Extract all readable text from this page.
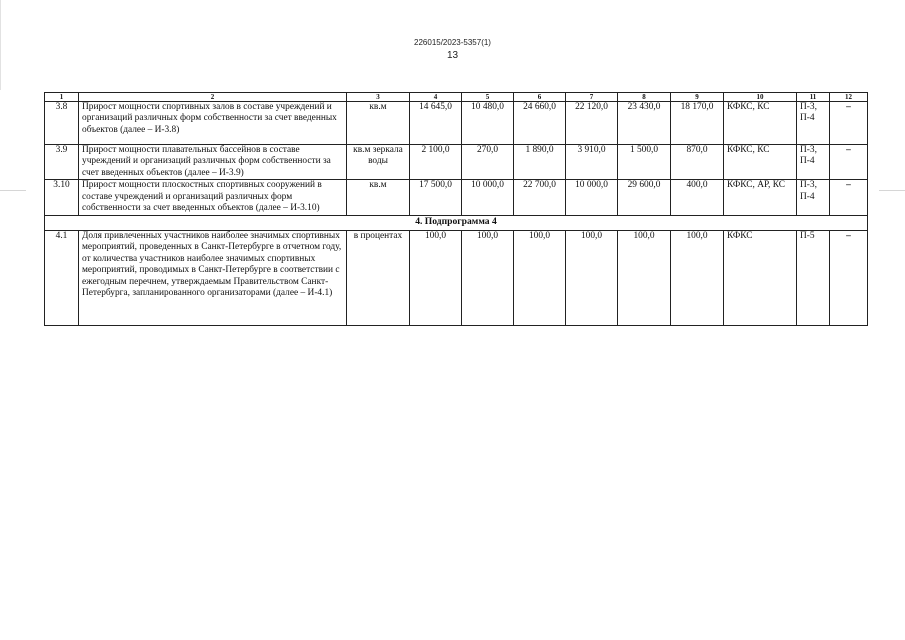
226015/2023-5357(1)
13
1	2	3	4	5	6	7	8	9	10	11	12
3.8	Прирост мощности спортивных залов в составе учреждений и организаций различных форм собственности за счет введенных объектов (далее – И-3.8)	кв.м	14 645,0	10 480,0	24 660,0	22 120,0	23 430,0	18 170,0	КФКС, КС	П-3, П-4	–
3.9	Прирост мощности плавательных бассейнов в составе учреждений и организаций различных форм собственности за счет введенных объектов (далее – И-3.9)	кв.м зеркала воды	2 100,0	270,0	1 890,0	3 910,0	1 500,0	870,0	КФКС, КС	П-3, П-4	–
3.10	Прирост мощности плоскостных спортивных сооружений в составе учреждений и организаций различных форм собственности за счет введенных объектов (далее – И-3.10)	кв.м	17 500,0	10 000,0	22 700,0	10 000,0	29 600,0	400,0	КФКС, АР, КС	П-3, П-4	–
4. Подпрограмма 4											
4.1	Доля привлеченных участников наиболее значимых спортивных мероприятий, проведенных в Санкт-Петербурге в отчетном году, от количества участников наиболее значимых спортивных мероприятий, проводимых в Санкт-Петербурге в соответствии с ежегодным перечнем, утверждаемым Правительством Санкт-Петербурга, запланированного организаторами (далее – И-4.1)	в процентах	100,0	100,0	100,0	100,0	100,0	100,0	КФКС	П-5	–
